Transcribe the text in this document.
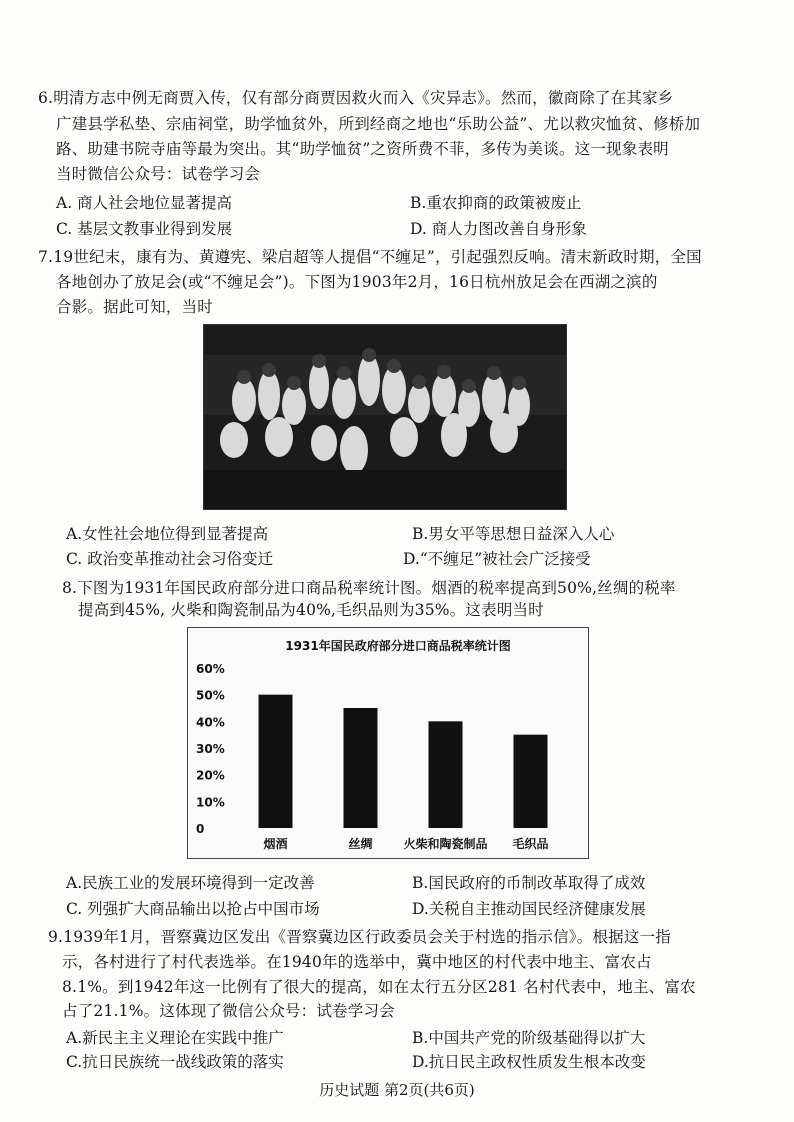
6.明清方志中例无商贾入传，仅有部分商贾因救火而入《灾异志》。然而，徽商除了在其家乡
广建县学私垫、宗庙祠堂，助学恤贫外，所到经商之地也“乐助公益”、尤以救灾恤贫、修桥加
路、助建书院寺庙等最为突出。其“助学恤贫”之资所费不菲，多传为美谈。这一现象表明
当时微信公众号：试卷学习会
A. 商人社会地位显著提高	B.重农抑商的政策被废止
C. 基层文教事业得到发展	D. 商人力图改善自身形象
7.19世纪末，康有为、黄遵宪、梁启超等人提倡“不缠足”，引起强烈反响。清末新政时期，全国
各地创办了放足会(或“不缠足会”)。下图为1903年2月，16日杭州放足会在西湖之滨的
合影。据此可知，当时
A.女性社会地位得到显著提高	B.男女平等思想日益深入人心
C. 政治变革推动社会习俗变迁	D.“不缠足”被社会广泛接受
8.下图为1931年国民政府部分进口商品税率统计图。烟酒的税率提高到50%,丝绸的税率
提高到45%, 火柴和陶瓷制品为40%,毛织品则为35%。这表明当时
1931年国民政府部分进口商品税率统计图
0
10%
20%
30%
40%
50%
60%
烟酒	丝绸	火柴和陶瓷制品 毛织品
A.民族工业的发展环境得到一定改善	B.国民政府的币制改革取得了成效
C. 列强扩大商品输出以抢占中国市场	D.关税自主推动国民经济健康发展
9.1939年1月，晋察冀边区发出《晋察冀边区行政委员会关于村选的指示信》。根据这一指
示，各村进行了村代表选举。在1940年的选举中，冀中地区的村代表中地主、富农占
8.1%。到1942年这一比例有了很大的提高，如在太行五分区281 名村代表中，地主、富农
占了21.1%。这体现了微信公众号：试卷学习会
A.新民主主义理论在实践中推广	B.中国共产党的阶级基础得以扩大
C.抗日民族统一战线政策的落实	D.抗日民主政权性质发生根本改变
历史试题 第2页(共6页)
